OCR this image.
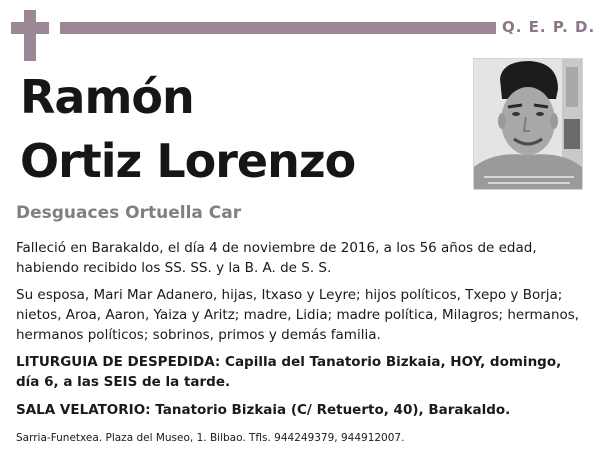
Q. E. P. D.
Ramón
Ortiz Lorenzo
Desguaces Ortuella Car
Falleció en Barakaldo, el día 4 de noviembre de 2016, a los 56 años de edad, habiendo recibido los SS. SS. y la B. A. de S. S.
Su esposa, Mari Mar Adanero, hijas, Itxaso y Leyre; hijos políticos, Txepo y Borja; nietos, Aroa, Aaron, Yaiza y Aritz; madre, Lidia; madre política, Milagros; hermanos, hermanos políticos; sobrinos, primos y demás familia.
LITURGUIA DE DESPEDIDA: Capilla del Tanatorio Bizkaia, HOY, domingo, día 6, a las SEIS de la tarde.
SALA VELATORIO: Tanatorio Bizkaia (C/ Retuerto, 40), Barakaldo.
Sarria-Funetxea. Plaza del Museo, 1. Bilbao. Tfls. 944249379, 944912007.
